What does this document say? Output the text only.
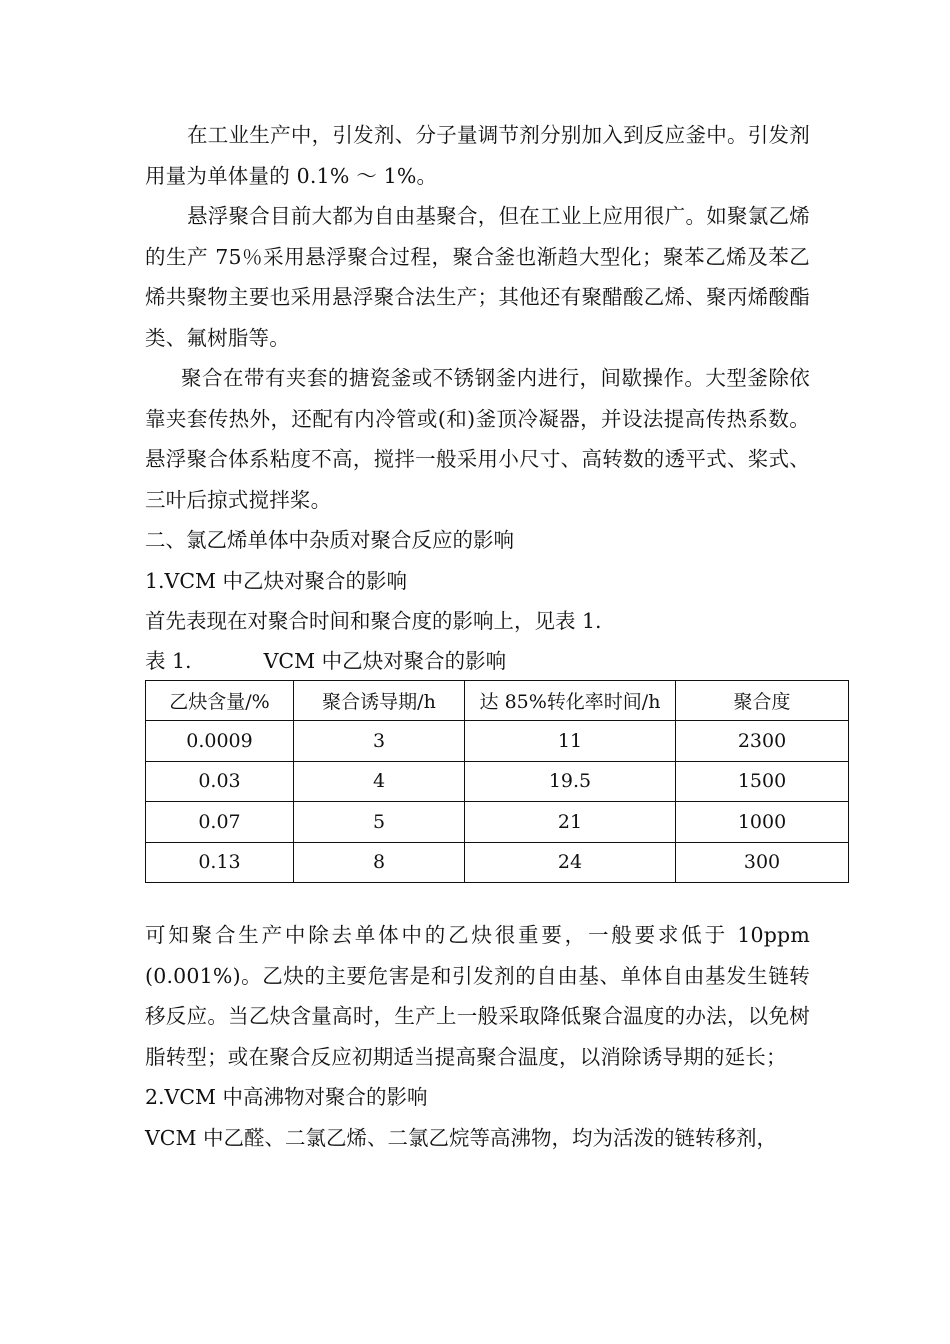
在工业生产中，引发剂、分子量调节剂分别加入到反应釜中。引发剂用量为单体量的 0.1% ～ 1%。

悬浮聚合目前大都为自由基聚合，但在工业上应用很广。如聚氯乙烯的生产 75％采用悬浮聚合过程，聚合釜也渐趋大型化；聚苯乙烯及苯乙烯共聚物主要也采用悬浮聚合法生产；其他还有聚醋酸乙烯、聚丙烯酸酯类、氟树脂等。

聚合在带有夹套的搪瓷釜或不锈钢釜内进行，间歇操作。大型釜除依靠夹套传热外，还配有内冷管或(和)釜顶冷凝器，并设法提高传热系数。悬浮聚合体系粘度不高，搅拌一般采用小尺寸、高转数的透平式、桨式、三叶后掠式搅拌桨。

二、氯乙烯单体中杂质对聚合反应的影响

1.VCM 中乙炔对聚合的影响

首先表现在对聚合时间和聚合度的影响上，见表 1.

表 1.	VCM 中乙炔对聚合的影响

乙炔含量/%	聚合诱导期/h	达 85%转化率时间/h	聚合度
0.0009	3	11	2300
0.03	4	19.5	1500
0.07	5	21	1000
0.13	8	24	300

可知聚合生产中除去单体中的乙炔很重要，一般要求低于 10ppm (0.001%)。乙炔的主要危害是和引发剂的自由基、单体自由基发生链转移反应。当乙炔含量高时，生产上一般采取降低聚合温度的办法，以免树脂转型；或在聚合反应初期适当提高聚合温度，以消除诱导期的延长；

2.VCM 中高沸物对聚合的影响

VCM 中乙醛、二氯乙烯、二氯乙烷等高沸物，均为活泼的链转移剂，
